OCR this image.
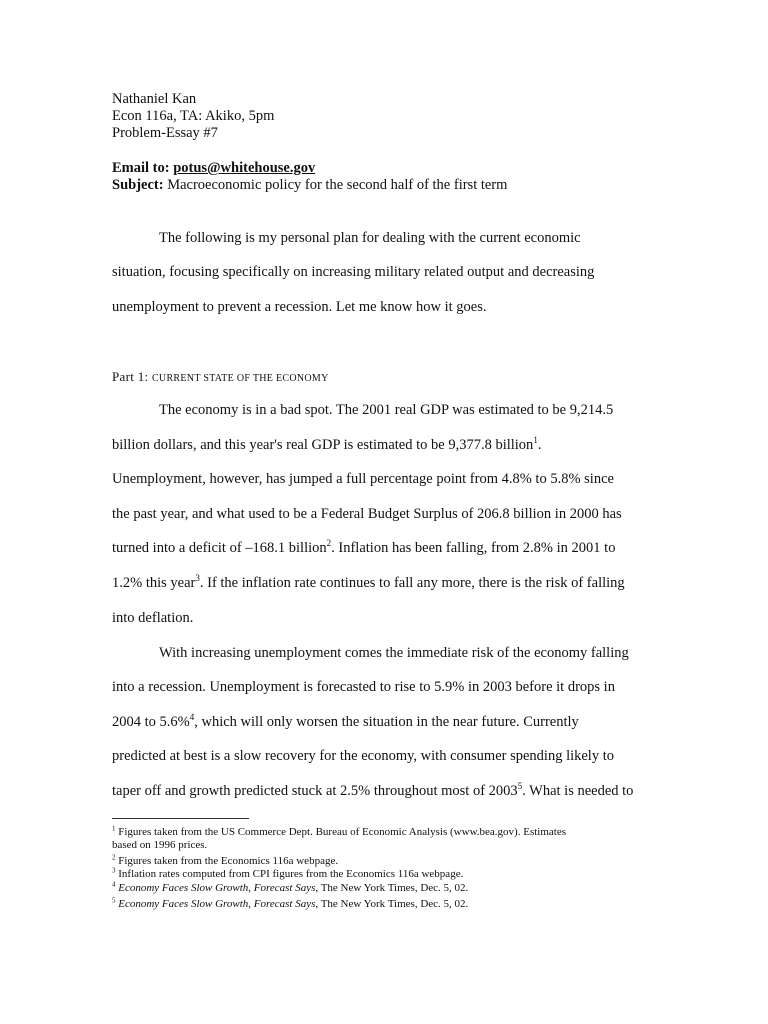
Nathaniel Kan
Econ 116a, TA: Akiko, 5pm
Problem-Essay #7
Email to: potus@whitehouse.gov
Subject: Macroeconomic policy for the second half of the first term
The following is my personal plan for dealing with the current economic
situation, focusing specifically on increasing military related output and decreasing
unemployment to prevent a recession. Let me know how it goes.
Part 1: CURRENT STATE OF THE ECONOMY
The economy is in a bad spot. The 2001 real GDP was estimated to be 9,214.5
billion dollars, and this year's real GDP is estimated to be 9,377.8 billion$^1$.
Unemployment, however, has jumped a full percentage point from 4.8% to 5.8% since
the past year, and what used to be a Federal Budget Surplus of 206.8 billion in 2000 has
turned into a deficit of –168.1 billion$^2$. Inflation has been falling, from 2.8% in 2001 to
1.2% this year$^3$. If the inflation rate continues to fall any more, there is the risk of falling
into deflation.
With increasing unemployment comes the immediate risk of the economy falling
into a recession. Unemployment is forecasted to rise to 5.9% in 2003 before it drops in
2004 to 5.6%$^4$, which will only worsen the situation in the near future. Currently
predicted at best is a slow recovery for the economy, with consumer spending likely to
taper off and growth predicted stuck at 2.5% throughout most of 2003$^5$. What is needed to
$^1$ Figures taken from the US Commerce Dept. Bureau of Economic Analysis (www.bea.gov). Estimates
based on 1996 prices.
$^2$ Figures taken from the Economics 116a webpage.
$^3$ Inflation rates computed from CPI figures from the Economics 116a webpage.
$^4$ Economy Faces Slow Growth, Forecast Says, The New York Times, Dec. 5, 02.
$^5$ Economy Faces Slow Growth, Forecast Says, The New York Times, Dec. 5, 02.
